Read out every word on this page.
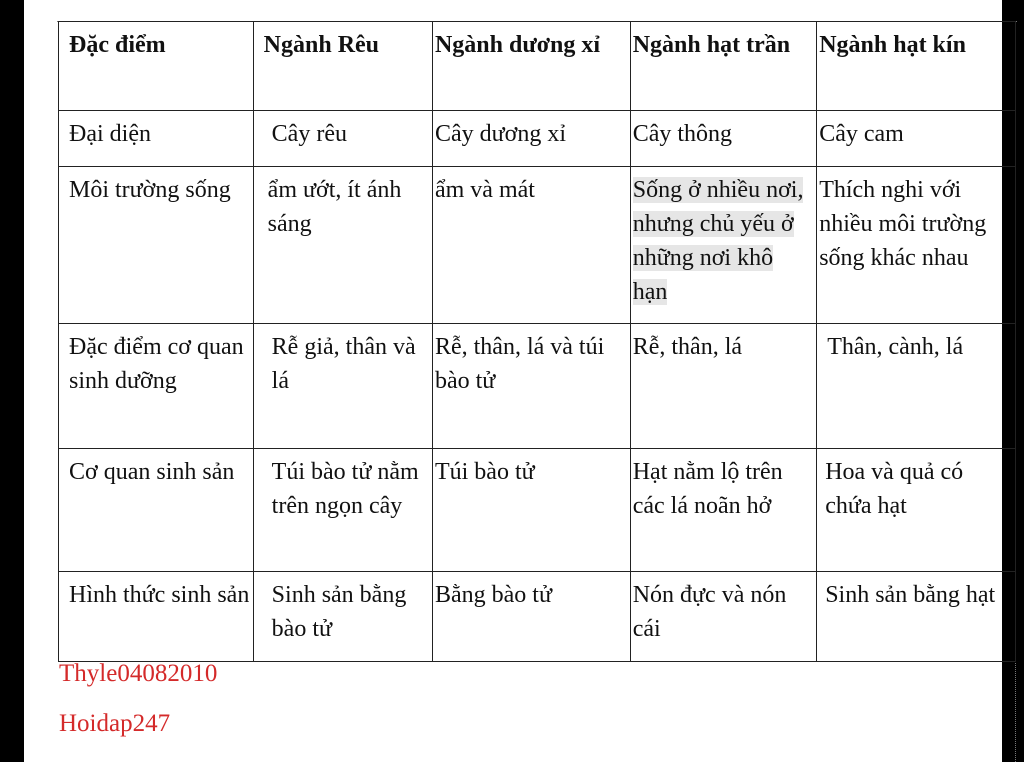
Đặc điểm	Ngành Rêu	Ngành dương xỉ	Ngành hạt trần	Ngành hạt kín
Đại diện	Cây rêu	Cây dương xỉ	Cây thông	Cây cam
Môi trường sống	ẩm ướt, ít ánh sáng	ẩm và mát	Sống ở nhiều nơi, nhưng chủ yếu ở những nơi khô hạn	Thích nghi với nhiều môi trường sống khác nhau
Đặc điểm cơ quan sinh dưỡng	Rễ giả, thân và lá	Rễ, thân, lá và túi bào tử	Rễ, thân, lá	Thân, cành, lá
Cơ quan sinh sản	Túi bào tử nằm trên ngọn cây	Túi bào tử	Hạt nằm lộ trên các lá noãn hở	Hoa và quả có chứa hạt
Hình thức sinh sản	Sinh sản bằng bào tử	Bằng bào tử	Nón đực và nón cái	Sinh sản bằng hạt
Thyle04082010
Hoidap247
